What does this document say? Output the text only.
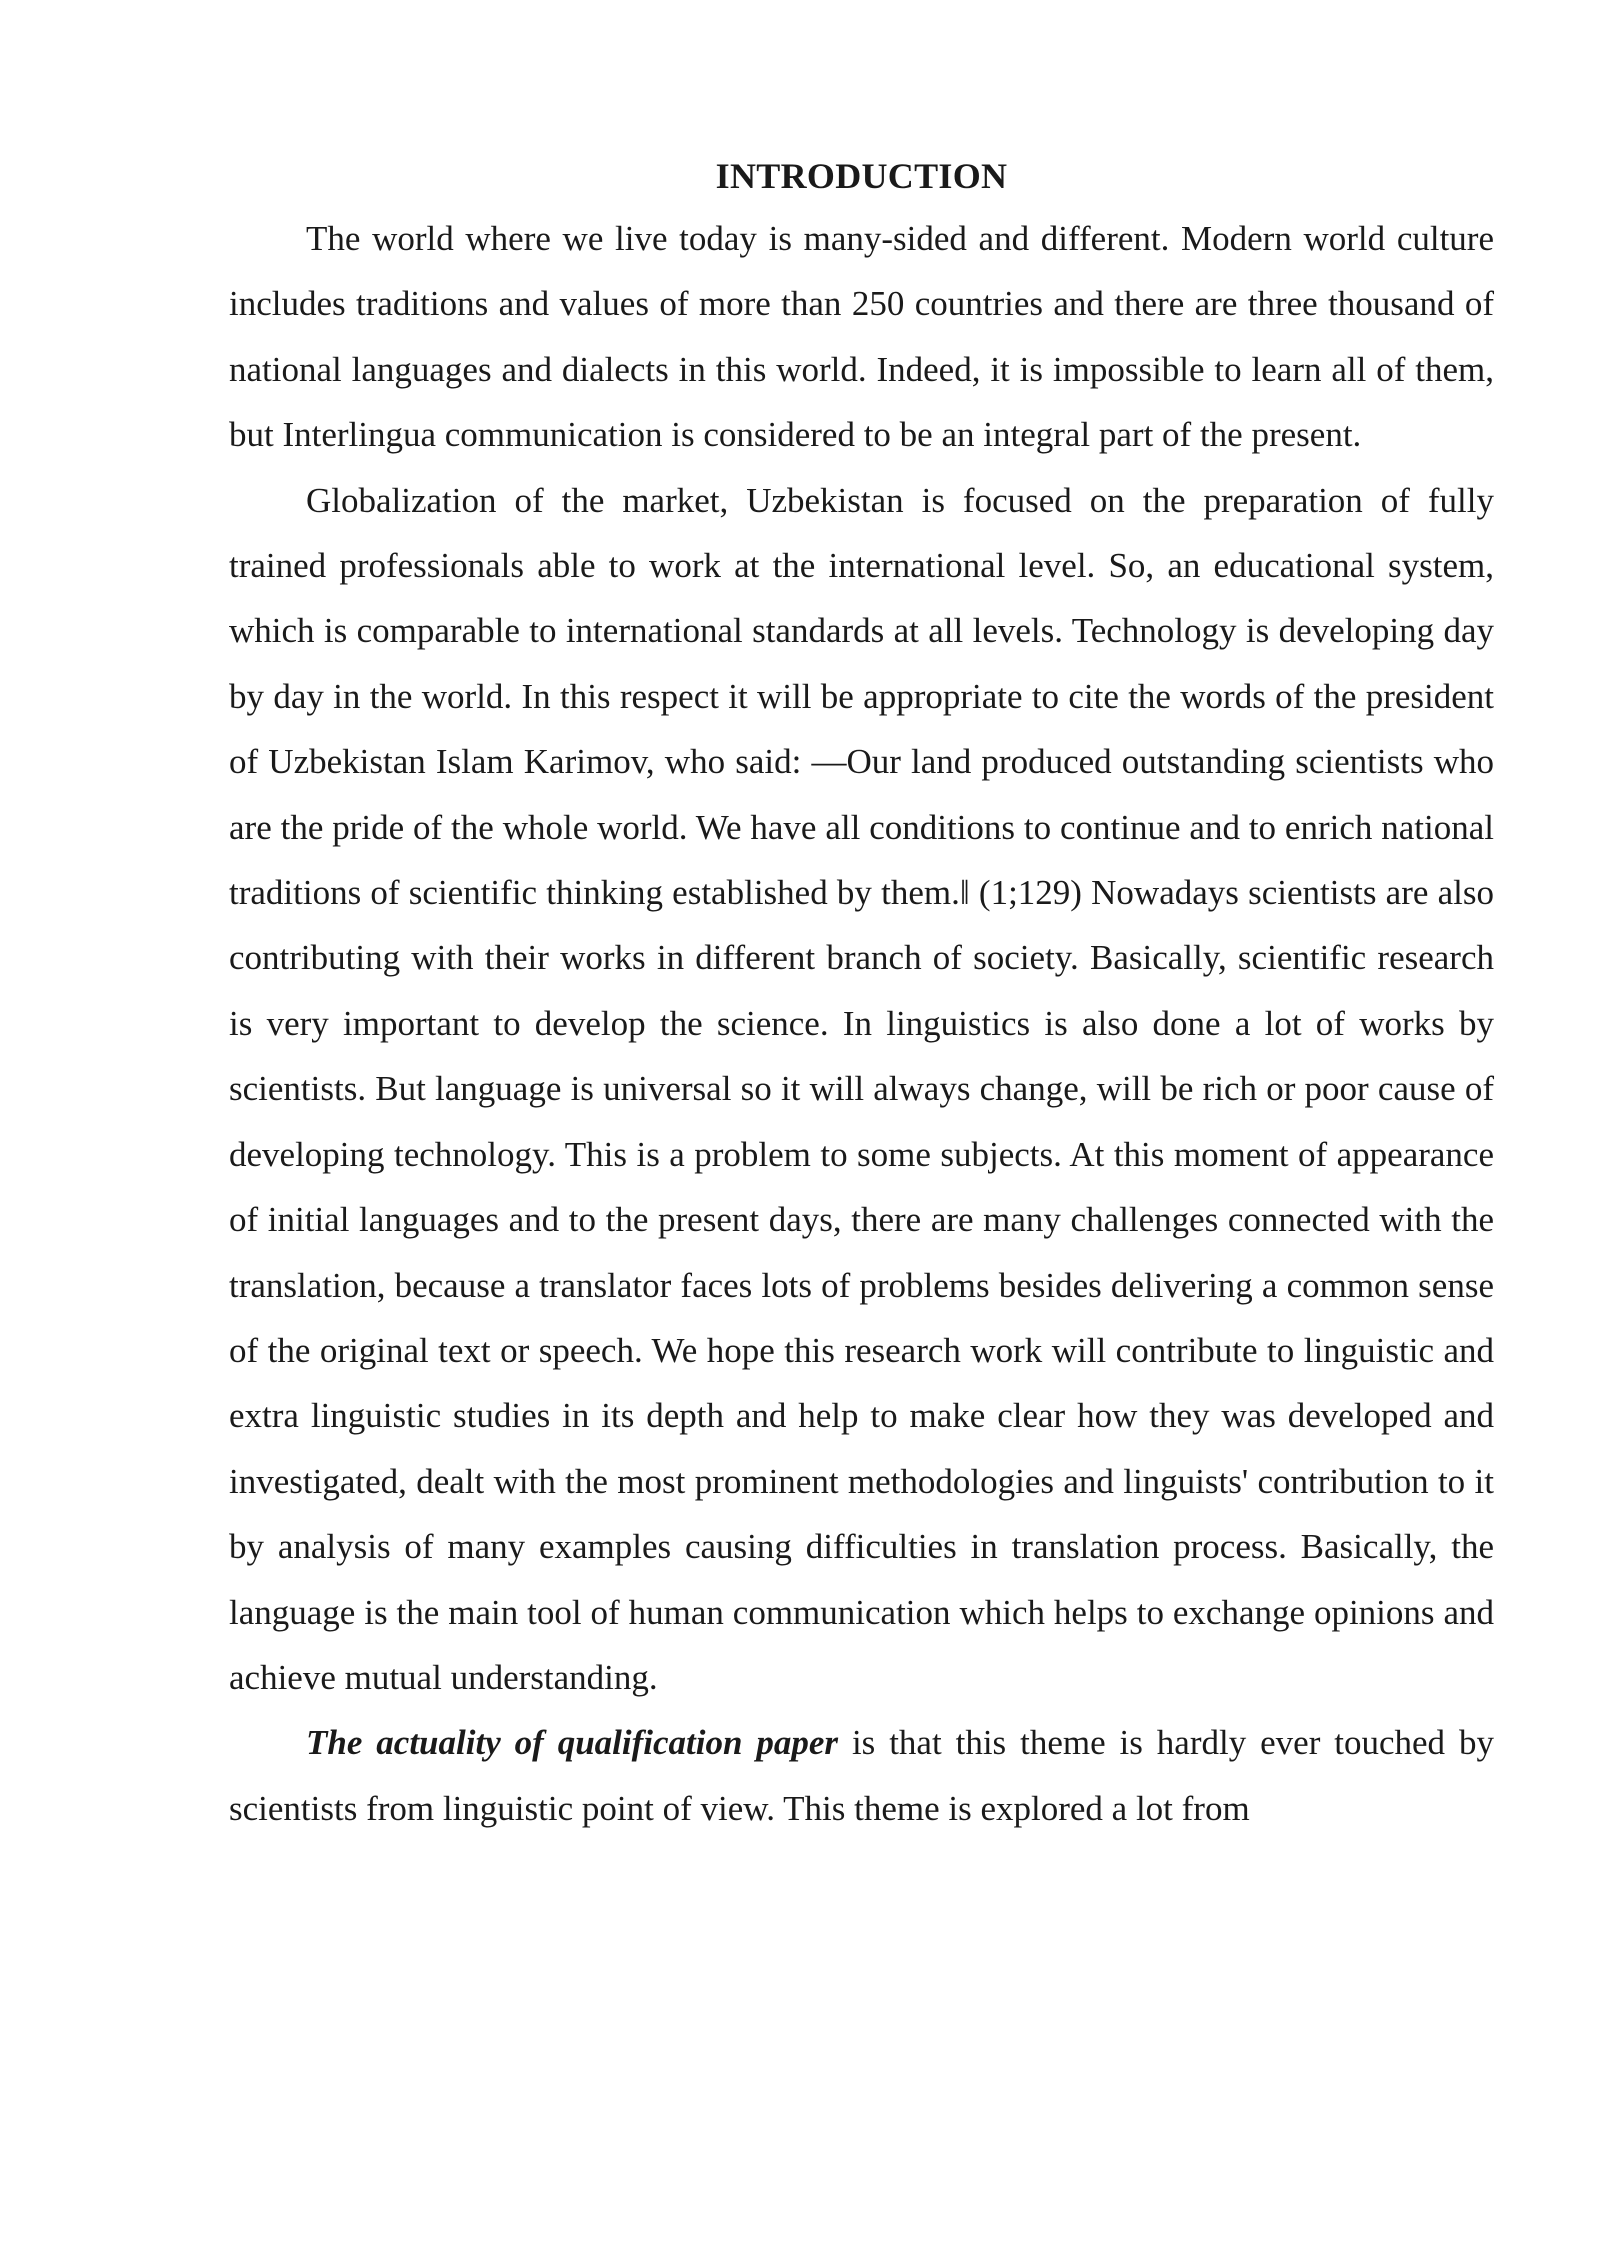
INTRODUCTION

The world where we live today is many-sided and different. Modern world culture includes traditions and values of more than 250 countries and there are three thousand of national languages and dialects in this world. Indeed, it is impossible to learn all of them, but Interlingua communication is considered to be an integral part of the present.

Globalization of the market, Uzbekistan is focused on the preparation of fully trained professionals able to work at the international level. So, an educational system, which is comparable to international standards at all levels. Technology is developing day by day in the world. In this respect it will be appropriate to cite the words of the president of Uzbekistan Islam Karimov, who said: —Our land produced outstanding scientists who are the pride of the whole world. We have all conditions to continue and to enrich national traditions of scientific thinking established by them.‖ (1;129) Nowadays scientists are also contributing with their works in different branch of society. Basically, scientific research is very important to develop the science. In linguistics is also done a lot of works by scientists. But language is universal so it will always change, will be rich or poor cause of developing technology. This is a problem to some subjects. At this moment of appearance of initial languages and to the present days, there are many challenges connected with the translation, because a translator faces lots of problems besides delivering a common sense of the original text or speech. We hope this research work will contribute to linguistic and extra linguistic studies in its depth and help to make clear how they was developed and investigated, dealt with the most prominent methodologies and linguists' contribution to it by analysis of many examples causing difficulties in translation process. Basically, the language is the main tool of human communication which helps to exchange opinions and achieve mutual understanding.

The actuality of qualification paper is that this theme is hardly ever touched by scientists from linguistic point of view. This theme is explored a lot from
